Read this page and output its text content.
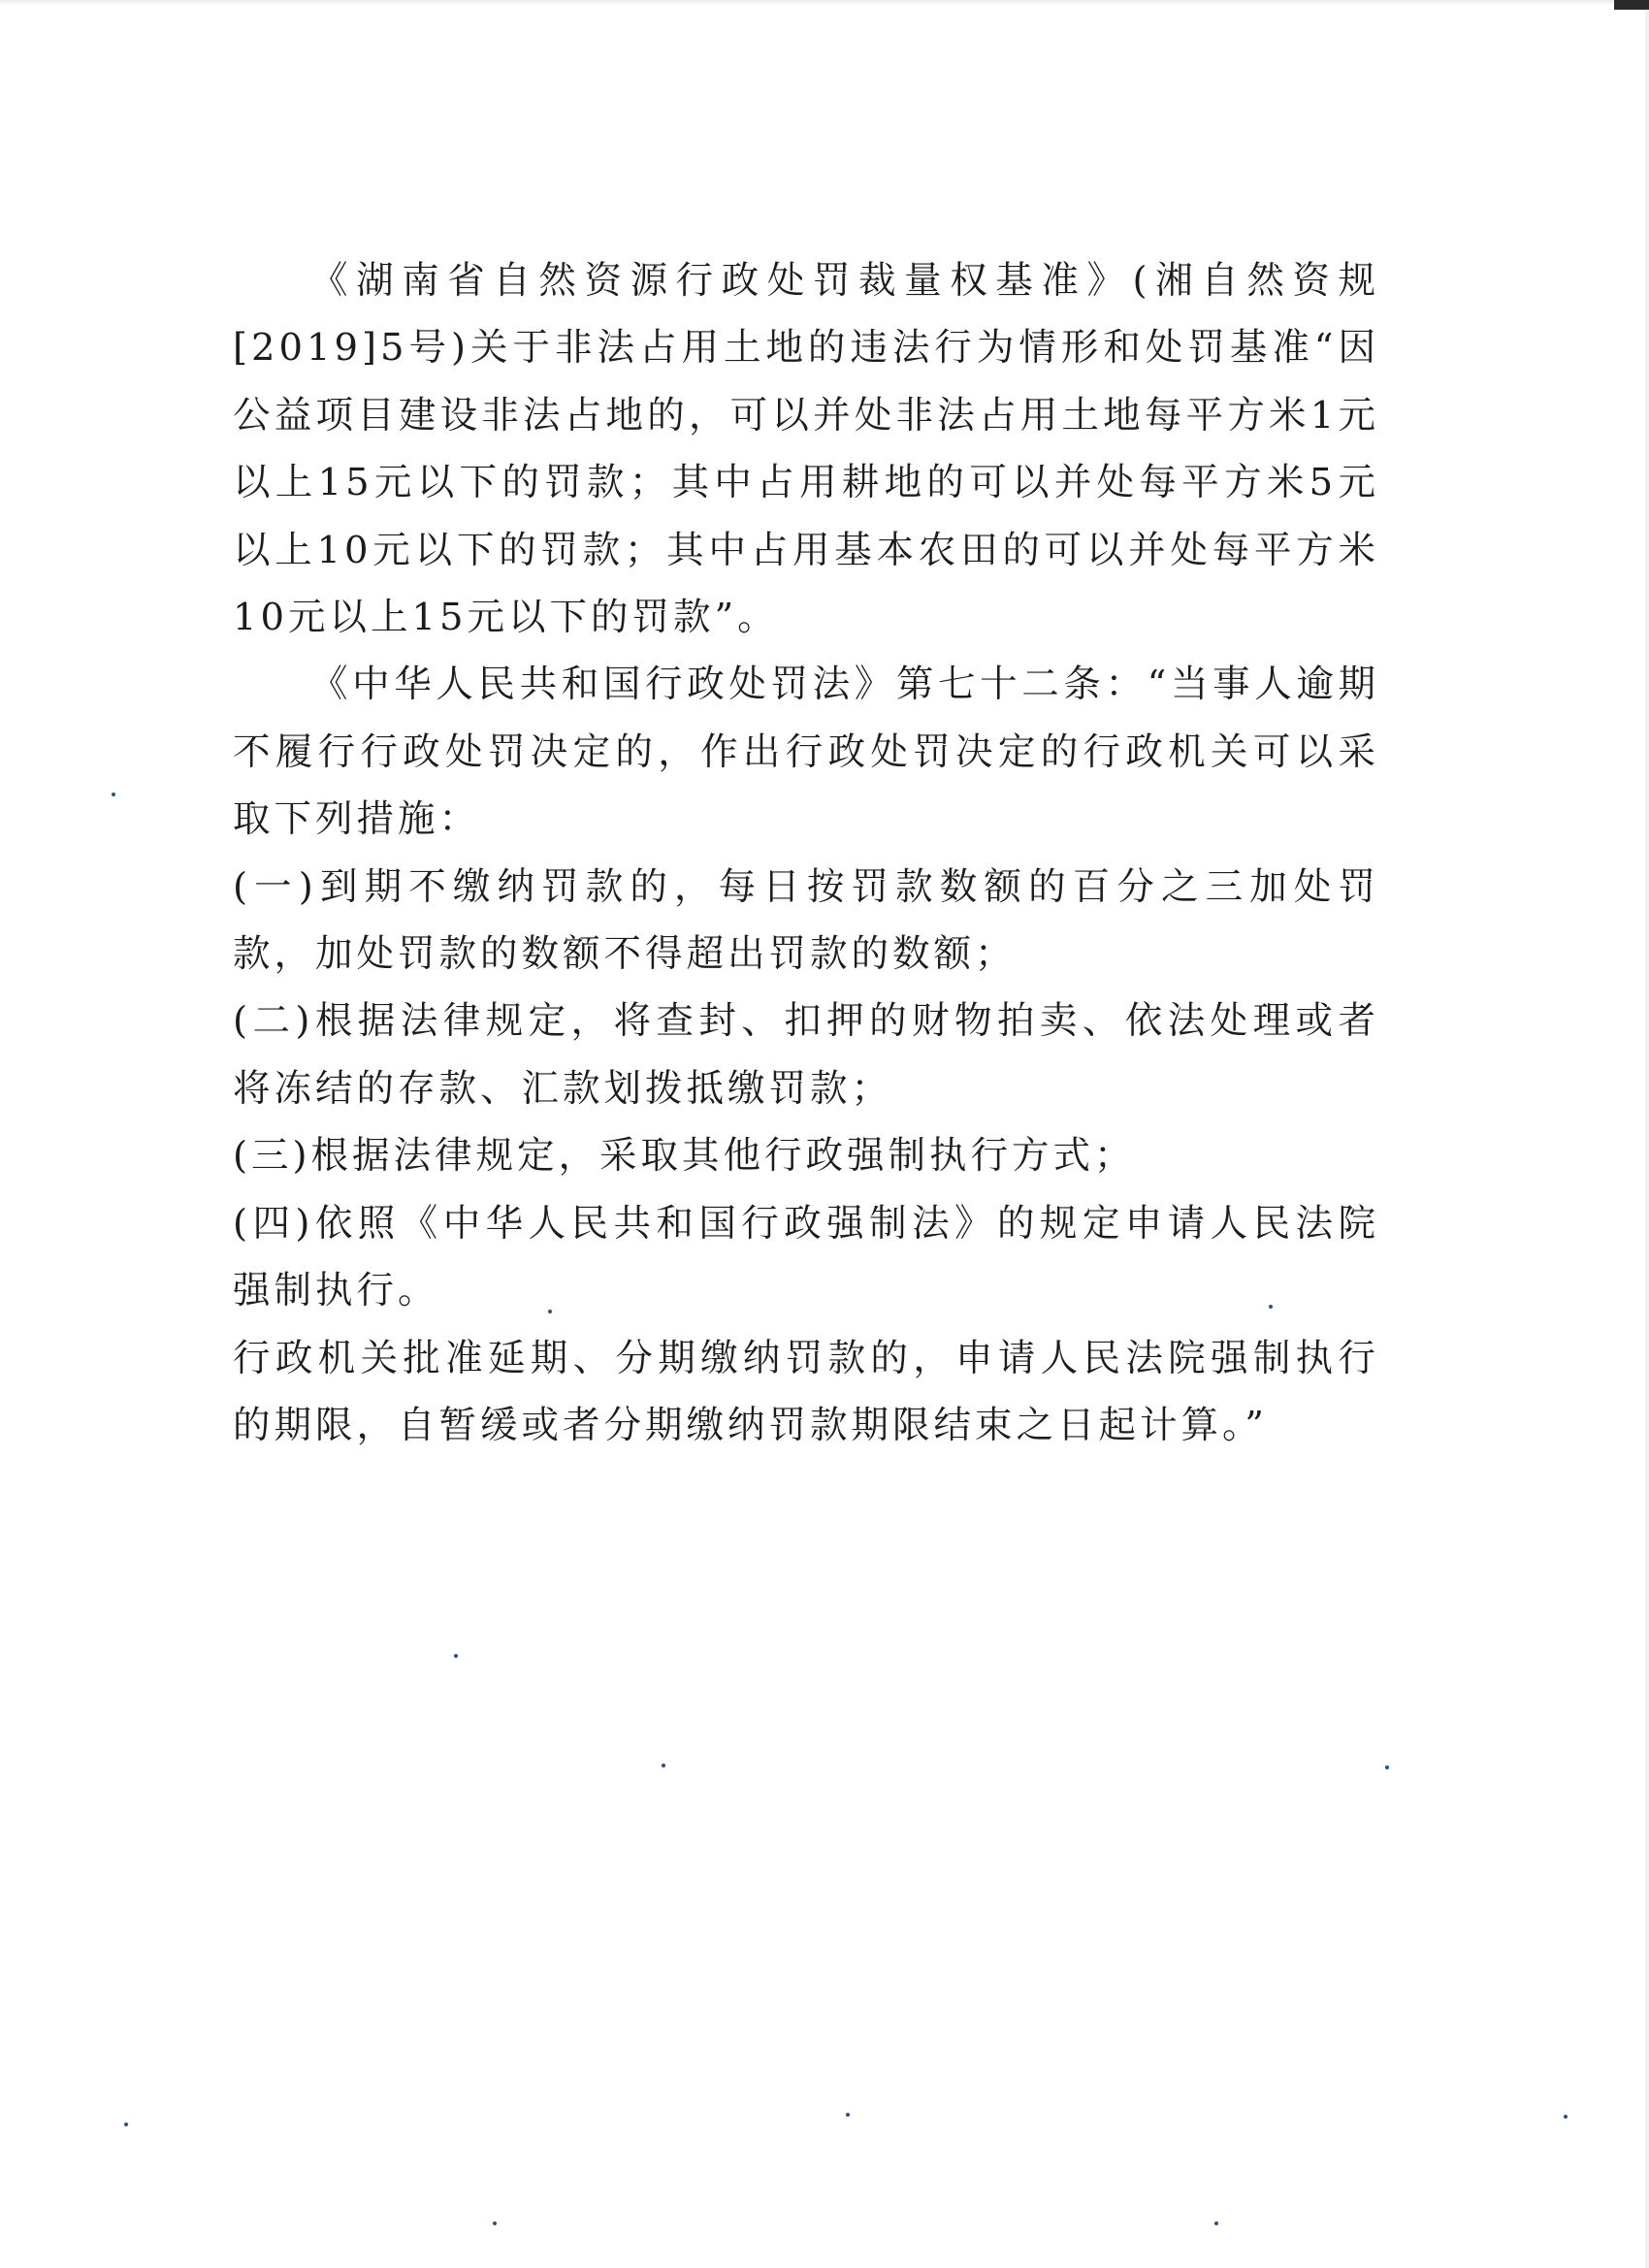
《湖南省自然资源行政处罚裁量权基准》(湘自然资规[2019]5号)关于非法占用土地的违法行为情形和处罚基准“因公益项目建设非法占地的，可以并处非法占用土地每平方米1元以上15元以下的罚款；其中占用耕地的可以并处每平方米5元以上10元以下的罚款；其中占用基本农田的可以并处每平方米10元以上15元以下的罚款”。

《中华人民共和国行政处罚法》第七十二条：“当事人逾期不履行行政处罚决定的，作出行政处罚决定的行政机关可以采取下列措施：

(一)到期不缴纳罚款的，每日按罚款数额的百分之三加处罚款，加处罚款的数额不得超出罚款的数额；

(二)根据法律规定，将查封、扣押的财物拍卖、依法处理或者将冻结的存款、汇款划拨抵缴罚款；

(三)根据法律规定，采取其他行政强制执行方式；

(四)依照《中华人民共和国行政强制法》的规定申请人民法院强制执行。

行政机关批准延期、分期缴纳罚款的，申请人民法院强制执行的期限，自暂缓或者分期缴纳罚款期限结束之日起计算。”
